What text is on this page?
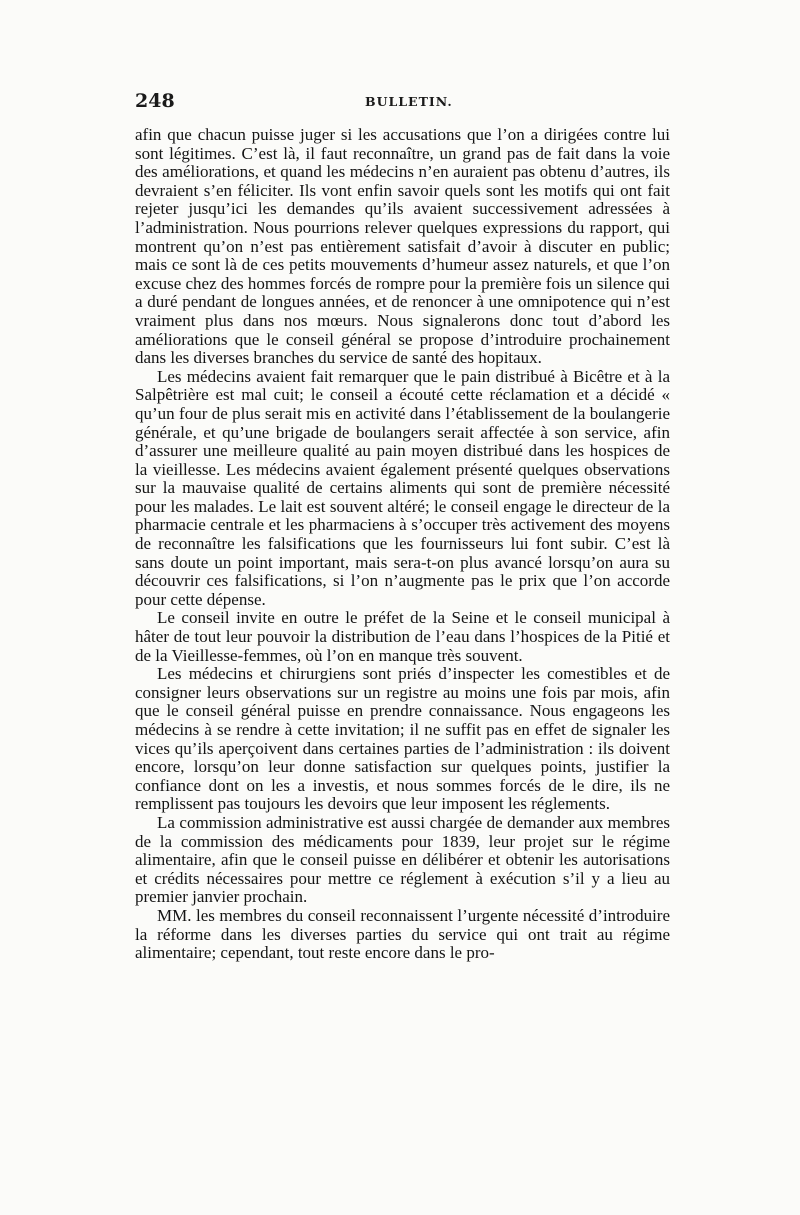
248	BULLETIN.

afin que chacun puisse juger si les accusations que l’on a dirigées contre lui sont légitimes. C’est là, il faut reconnaître, un grand pas de fait dans la voie des améliorations, et quand les médecins n’en auraient pas obtenu d’autres, ils devraient s’en féliciter. Ils vont enfin savoir quels sont les motifs qui ont fait rejeter jusqu’ici les demandes qu’ils avaient successivement adressées à l’administration. Nous pourrions relever quelques expressions du rapport, qui montrent qu’on n’est pas entièrement satisfait d’avoir à discuter en public; mais ce sont là de ces petits mouvements d’humeur assez naturels, et que l’on excuse chez des hommes forcés de rompre pour la première fois un silence qui a duré pendant de longues années, et de renoncer à une omnipotence qui n’est vraiment plus dans nos mœurs. Nous signalerons donc tout d’abord les améliorations que le conseil général se propose d’introduire prochainement dans les diverses branches du service de santé des hopitaux.

Les médecins avaient fait remarquer que le pain distribué à Bicêtre et à la Salpêtrière est mal cuit; le conseil a écouté cette réclamation et a décidé « qu’un four de plus serait mis en activité dans l’établissement de la boulangerie générale, et qu’une brigade de boulangers serait affectée à son service, afin d’assurer une meilleure qualité au pain moyen distribué dans les hospices de la vieillesse. Les médecins avaient également présenté quelques observations sur la mauvaise qualité de certains aliments qui sont de première nécessité pour les malades. Le lait est souvent altéré; le conseil engage le directeur de la pharmacie centrale et les pharmaciens à s’occuper très activement des moyens de reconnaître les falsifications que les fournisseurs lui font subir. C’est là sans doute un point important, mais sera-t-on plus avancé lorsqu’on aura su découvrir ces falsifications, si l’on n’augmente pas le prix que l’on accorde pour cette dépense.

Le conseil invite en outre le préfet de la Seine et le conseil municipal à hâter de tout leur pouvoir la distribution de l’eau dans l’hospices de la Pitié et de la Vieillesse-femmes, où l’on en manque très souvent.

Les médecins et chirurgiens sont priés d’inspecter les comestibles et de consigner leurs observations sur un registre au moins une fois par mois, afin que le conseil général puisse en prendre connaissance. Nous engageons les médecins à se rendre à cette invitation; il ne suffit pas en effet de signaler les vices qu’ils aperçoivent dans certaines parties de l’administration : ils doivent encore, lorsqu’on leur donne satisfaction sur quelques points, justifier la confiance dont on les a investis, et nous sommes forcés de le dire, ils ne remplissent pas toujours les devoirs que leur imposent les réglements.

La commission administrative est aussi chargée de demander aux membres de la commission des médicaments pour 1839, leur projet sur le régime alimentaire, afin que le conseil puisse en délibérer et obtenir les autorisations et crédits nécessaires pour mettre ce réglement à exécution s’il y a lieu au premier janvier prochain.

MM. les membres du conseil reconnaissent l’urgente nécessité d’introduire la réforme dans les diverses parties du service qui ont trait au régime alimentaire; cependant, tout reste encore dans le pro-
